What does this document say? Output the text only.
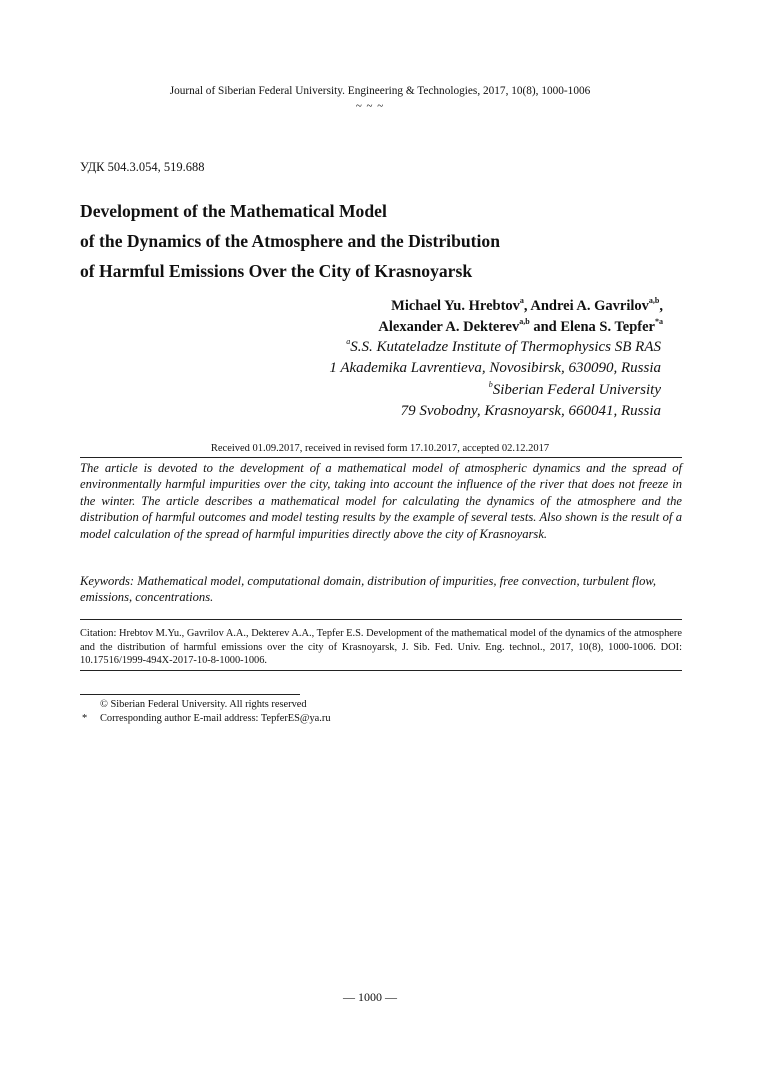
Journal of Siberian Federal University. Engineering & Technologies, 2017, 10(8), 1000-1006
~ ~ ~
УДК 504.3.054, 519.688
Development of the Mathematical Model
of the Dynamics of the Atmosphere and the Distribution
of Harmful Emissions Over the City of Krasnoyarsk
Michael Yu. Hrebtov$^a$, Andrei A. Gavrilov$^{a,b}$,
Alexander A. Dekterev$^{a,b}$ and Elena S. Tepfer$^{*a}$
$^a$S.S. Kutateladze Institute of Thermophysics SB RAS
1 Akademika Lavrentieva, Novosibirsk, 630090, Russia
$^b$Siberian Federal University
79 Svobodny, Krasnoyarsk, 660041, Russia
Received 01.09.2017, received in revised form 17.10.2017, accepted 02.12.2017

The article is devoted to the development of a mathematical model of atmospheric dynamics and the spread of environmentally harmful impurities over the city, taking into account the influence of the river that does not freeze in the winter. The article describes a mathematical model for calculating the dynamics of the atmosphere and the distribution of harmful outcomes and model testing results by the example of several tests. Also shown is the result of a model calculation of the spread of harmful impurities directly above the city of Krasnoyarsk.

Keywords: Mathematical model, computational domain, distribution of impurities, free convection, turbulent flow, emissions, concentrations.

Citation: Hrebtov M.Yu., Gavrilov A.A., Dekterev A.A., Tepfer E.S. Development of the mathematical model of the dynamics of the atmosphere and the distribution of harmful emissions over the city of Krasnoyarsk, J. Sib. Fed. Univ. Eng. technol., 2017, 10(8), 1000-1006. DOI: 10.17516/1999-494X-2017-10-8-1000-1006.

© Siberian Federal University. All rights reserved
* Corresponding author E-mail address: TepferES@ya.ru
— 1000 —
